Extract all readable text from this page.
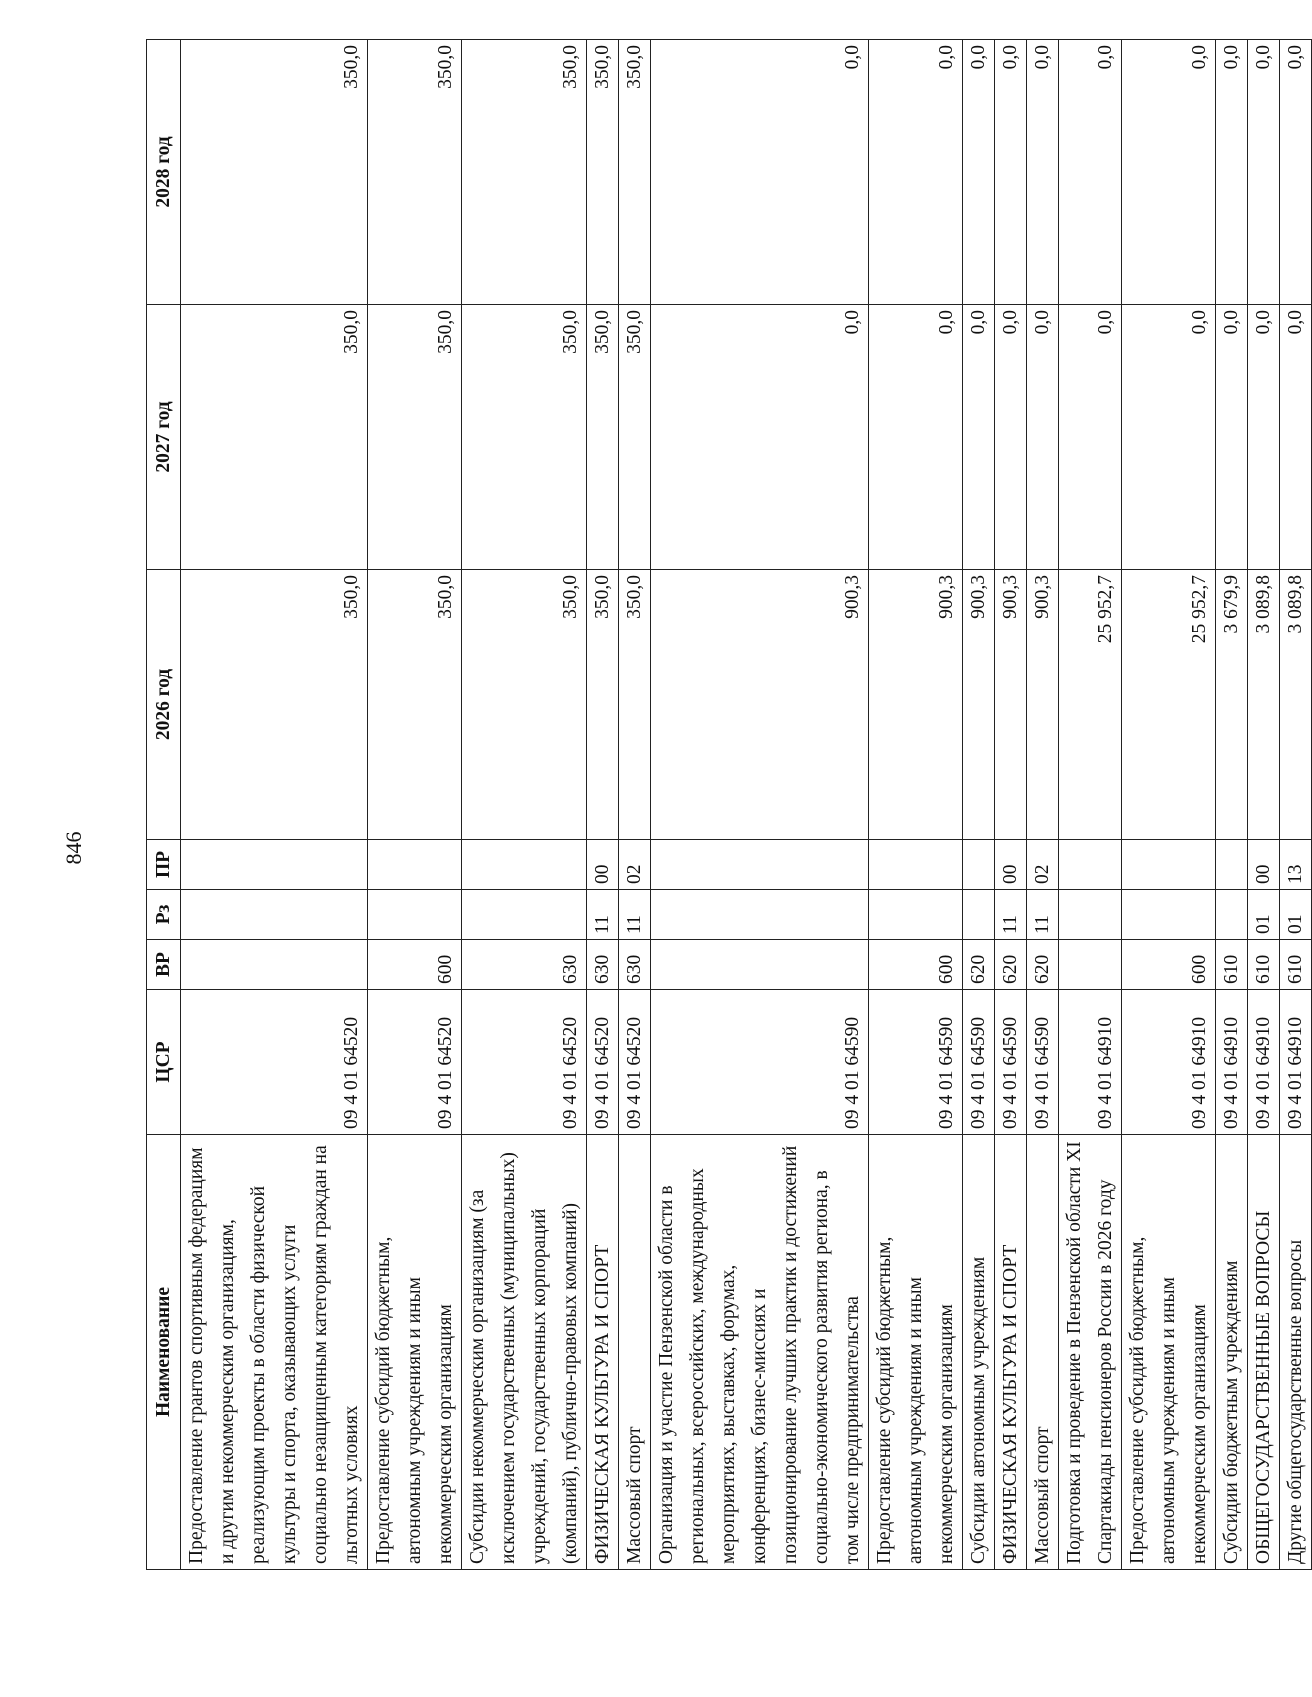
846
Наименование	ЦСР	ВР	Рз	ПР	2026 год	2027 год	2028 год
Предоставление грантов спортивным федерациям и другим некоммерческим организациям, реализующим проекты в области физической культуры и спорта, оказывающих услуги социально незащищенным категориям граждан на льготных условиях	09 4 01 64520				350,0	350,0	350,0
Предоставление субсидий бюджетным, автономным учреждениям и иным некоммерческим организациям	09 4 01 64520	600			350,0	350,0	350,0
Субсидии некоммерческим организациям (за исключением государственных (муниципальных) учреждений, государственных корпораций (компаний), публично-правовых компаний)	09 4 01 64520	630			350,0	350,0	350,0
ФИЗИЧЕСКАЯ КУЛЬТУРА И СПОРТ	09 4 01 64520	630	11	00	350,0	350,0	350,0
Массовый спорт	09 4 01 64520	630	11	02	350,0	350,0	350,0
Организация и участие Пензенской области в региональных, всероссийских, международных мероприятиях, выставках, форумах, конференциях, бизнес-миссиях и позиционирование лучших практик и достижений социально-экономического развития региона, в том числе предпринимательства	09 4 01 64590				900,3	0,0	0,0
Предоставление субсидий бюджетным, автономным учреждениям и иным некоммерческим организациям	09 4 01 64590	600			900,3	0,0	0,0
Субсидии автономным учреждениям	09 4 01 64590	620			900,3	0,0	0,0
ФИЗИЧЕСКАЯ КУЛЬТУРА И СПОРТ	09 4 01 64590	620	11	00	900,3	0,0	0,0
Массовый спорт	09 4 01 64590	620	11	02	900,3	0,0	0,0
Подготовка и проведение в Пензенской области XI Спартакиады пенсионеров России в 2026 году	09 4 01 64910				25 952,7	0,0	0,0
Предоставление субсидий бюджетным, автономным учреждениям и иным некоммерческим организациям	09 4 01 64910	600			25 952,7	0,0	0,0
Субсидии бюджетным учреждениям	09 4 01 64910	610			3 679,9	0,0	0,0
ОБЩЕГОСУДАРСТВЕННЫЕ ВОПРОСЫ	09 4 01 64910	610	01	00	3 089,8	0,0	0,0
Другие общегосударственные вопросы	09 4 01 64910	610	01	13	3 089,8	0,0	0,0
